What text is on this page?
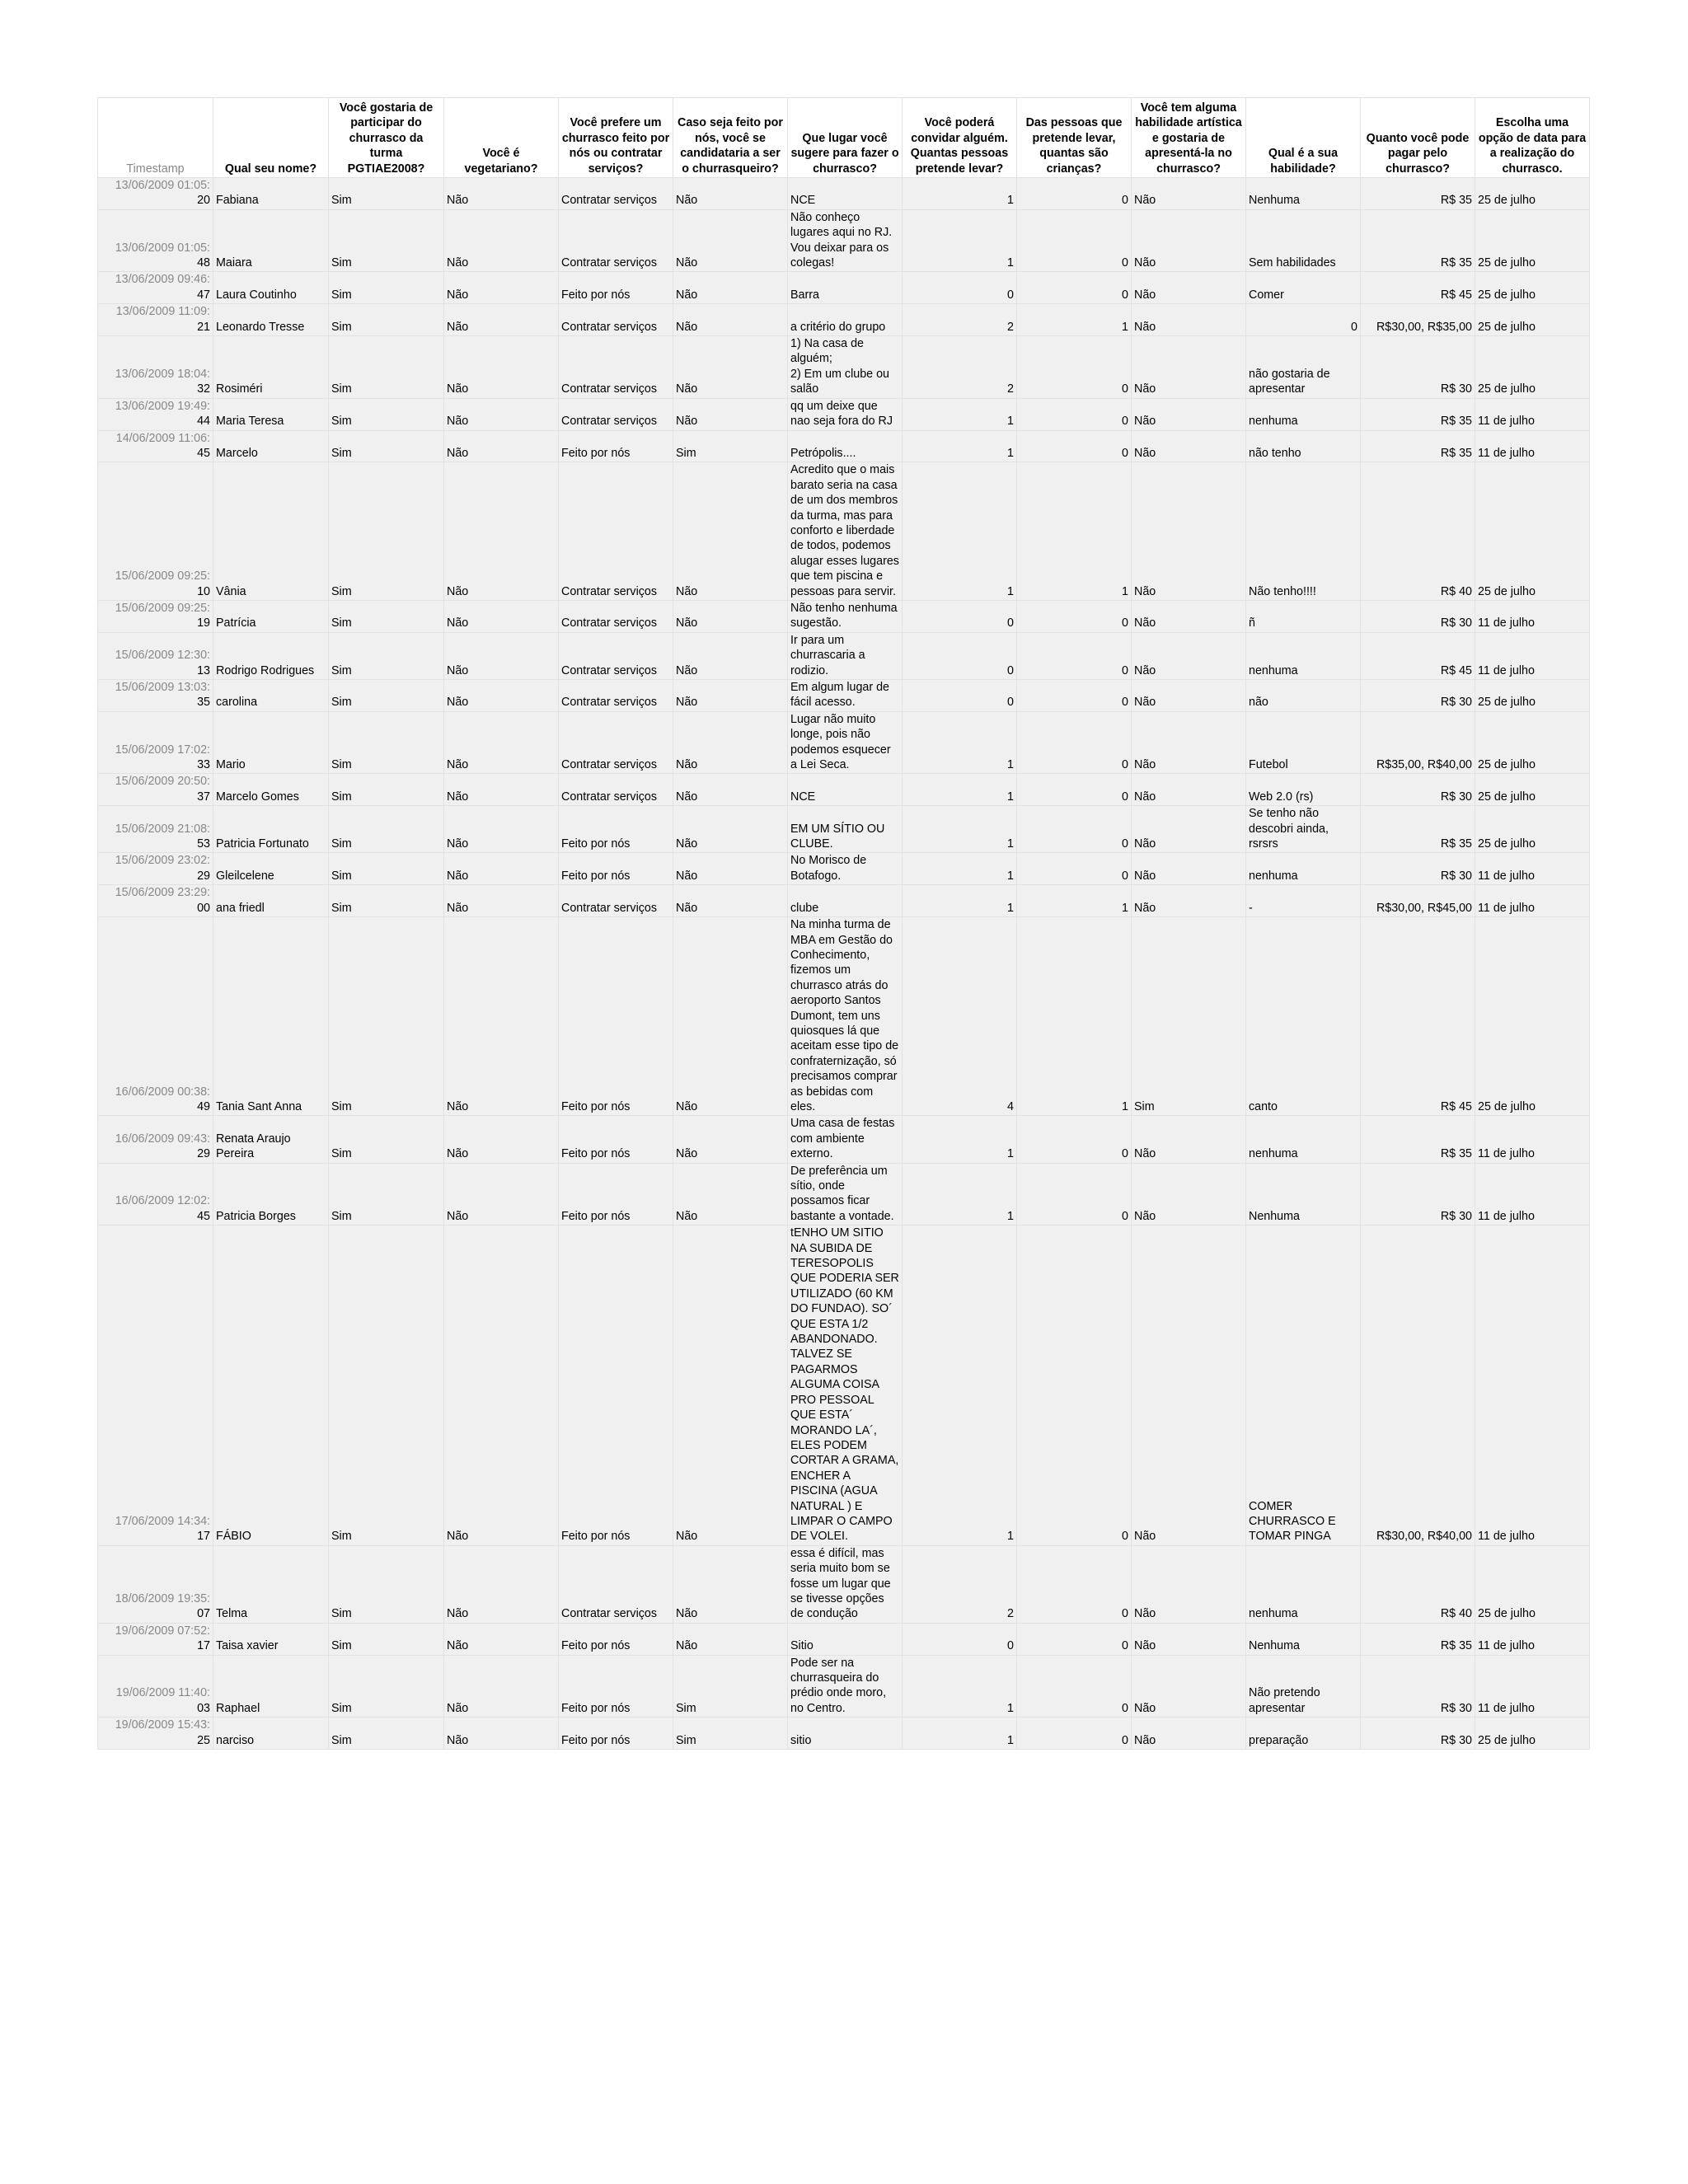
Timestamp	Qual seu nome?	Você gostaria de participar do churrasco da turma PGTIAE2008?	Você é vegetariano?	Você prefere um churrasco feito por nós ou contratar serviços?	Caso seja feito por nós, você se candidataria a ser o churrasqueiro?	Que lugar você sugere para fazer o churrasco?	Você poderá convidar alguém. Quantas pessoas pretende levar?	Das pessoas que pretende levar, quantas são crianças?	Você tem alguma habilidade artística e gostaria de apresentá-la no churrasco?	Qual é a sua habilidade?	Quanto você pode pagar pelo churrasco?	Escolha uma opção de data para a realização do churrasco.
13/06/2009 01:05:
20	Fabiana	Sim	Não	Contratar serviços	Não	NCE	1	0	Não	Nenhuma	R$ 35	25 de julho
13/06/2009 01:05:
48	Maiara	Sim	Não	Contratar serviços	Não	Não conheço lugares aqui no RJ. Vou deixar para os colegas!	1	0	Não	Sem habilidades	R$ 35	25 de julho
13/06/2009 09:46:
47	Laura Coutinho	Sim	Não	Feito por nós	Não	Barra	0	0	Não	Comer	R$ 45	25 de julho
13/06/2009 11:09:
21	Leonardo Tresse	Sim	Não	Contratar serviços	Não	a critério do grupo	2	1	Não	0	R$30,00, R$35,00	25 de julho
13/06/2009 18:04:
32	Rosiméri	Sim	Não	Contratar serviços	Não	1) Na casa de alguém;
2) Em um clube ou salão	2	0	Não	não gostaria de apresentar	R$ 30	25 de julho
13/06/2009 19:49:
44	Maria Teresa	Sim	Não	Contratar serviços	Não	qq um deixe que nao seja fora do RJ	1	0	Não	nenhuma	R$ 35	11 de julho
14/06/2009 11:06:
45	Marcelo	Sim	Não	Feito por nós	Sim	Petrópolis....	1	0	Não	não tenho	R$ 35	11 de julho
15/06/2009 09:25:
10	Vânia	Sim	Não	Contratar serviços	Não	Acredito que o mais barato seria na casa de um dos membros da turma, mas para conforto e liberdade de todos, podemos alugar esses lugares que tem piscina e pessoas para servir.	1	1	Não	Não tenho!!!!	R$ 40	25 de julho
15/06/2009 09:25:
19	Patrícia	Sim	Não	Contratar serviços	Não	Não tenho nenhuma sugestão.	0	0	Não	ñ	R$ 30	11 de julho
15/06/2009 12:30:
13	Rodrigo Rodrigues	Sim	Não	Contratar serviços	Não	Ir para um churrascaria a rodizio.	0	0	Não	nenhuma	R$ 45	11 de julho
15/06/2009 13:03:
35	carolina	Sim	Não	Contratar serviços	Não	Em algum lugar de fácil acesso.	0	0	Não	não	R$ 30	25 de julho
15/06/2009 17:02:
33	Mario	Sim	Não	Contratar serviços	Não	Lugar não muito longe, pois não podemos esquecer a Lei Seca.	1	0	Não	Futebol	R$35,00, R$40,00	25 de julho
15/06/2009 20:50:
37	Marcelo Gomes	Sim	Não	Contratar serviços	Não	NCE	1	0	Não	Web 2.0 (rs)	R$ 30	25 de julho
15/06/2009 21:08:
53	Patricia Fortunato	Sim	Não	Feito por nós	Não	EM UM SÍTIO OU CLUBE.	1	0	Não	Se tenho não descobri ainda, rsrsrs	R$ 35	25 de julho
15/06/2009 23:02:
29	Gleilcelene	Sim	Não	Feito por nós	Não	No Morisco de Botafogo.	1	0	Não	nenhuma	R$ 30	11 de julho
15/06/2009 23:29:
00	ana friedl	Sim	Não	Contratar serviços	Não	clube	1	1	Não	-	R$30,00, R$45,00	11 de julho
16/06/2009 00:38:
49	Tania Sant Anna	Sim	Não	Feito por nós	Não	Na minha turma de MBA em Gestão do Conhecimento, fizemos um churrasco atrás do aeroporto Santos Dumont, tem uns quiosques lá que aceitam esse tipo de confraternização, só precisamos comprar as bebidas com eles.	4	1	Sim	canto	R$ 45	25 de julho
16/06/2009 09:43:
29	Renata Araujo Pereira	Sim	Não	Feito por nós	Não	Uma casa de festas com ambiente externo.	1	0	Não	nenhuma	R$ 35	11 de julho
16/06/2009 12:02:
45	Patricia Borges	Sim	Não	Feito por nós	Não	De preferência um sítio, onde possamos ficar bastante a vontade.	1	0	Não	Nenhuma	R$ 30	11 de julho
17/06/2009 14:34:
17	FÁBIO	Sim	Não	Feito por nós	Não	tENHO UM SITIO NA SUBIDA DE TERESOPOLIS QUE PODERIA SER UTILIZADO (60 KM DO FUNDAO). SO´ QUE ESTA 1/2 ABANDONADO. TALVEZ SE PAGARMOS ALGUMA COISA PRO PESSOAL QUE ESTA´ MORANDO LA´, ELES PODEM CORTAR A GRAMA, ENCHER A PISCINA (AGUA NATURAL ) E LIMPAR O CAMPO DE VOLEI.	1	0	Não	COMER CHURRASCO E TOMAR PINGA	R$30,00, R$40,00	11 de julho
18/06/2009 19:35:
07	Telma	Sim	Não	Contratar serviços	Não	essa é difícil, mas seria muito bom se fosse um lugar que se tivesse opções de condução	2	0	Não	nenhuma	R$ 40	25 de julho
19/06/2009 07:52:
17	Taisa xavier	Sim	Não	Feito por nós	Não	Sitio	0	0	Não	Nenhuma	R$ 35	11 de julho
19/06/2009 11:40:
03	Raphael	Sim	Não	Feito por nós	Sim	Pode ser na churrasqueira do prédio onde moro, no Centro.	1	0	Não	Não pretendo apresentar	R$ 30	11 de julho
19/06/2009 15:43:
25	narciso	Sim	Não	Feito por nós	Sim	sitio	1	0	Não	preparação	R$ 30	25 de julho
